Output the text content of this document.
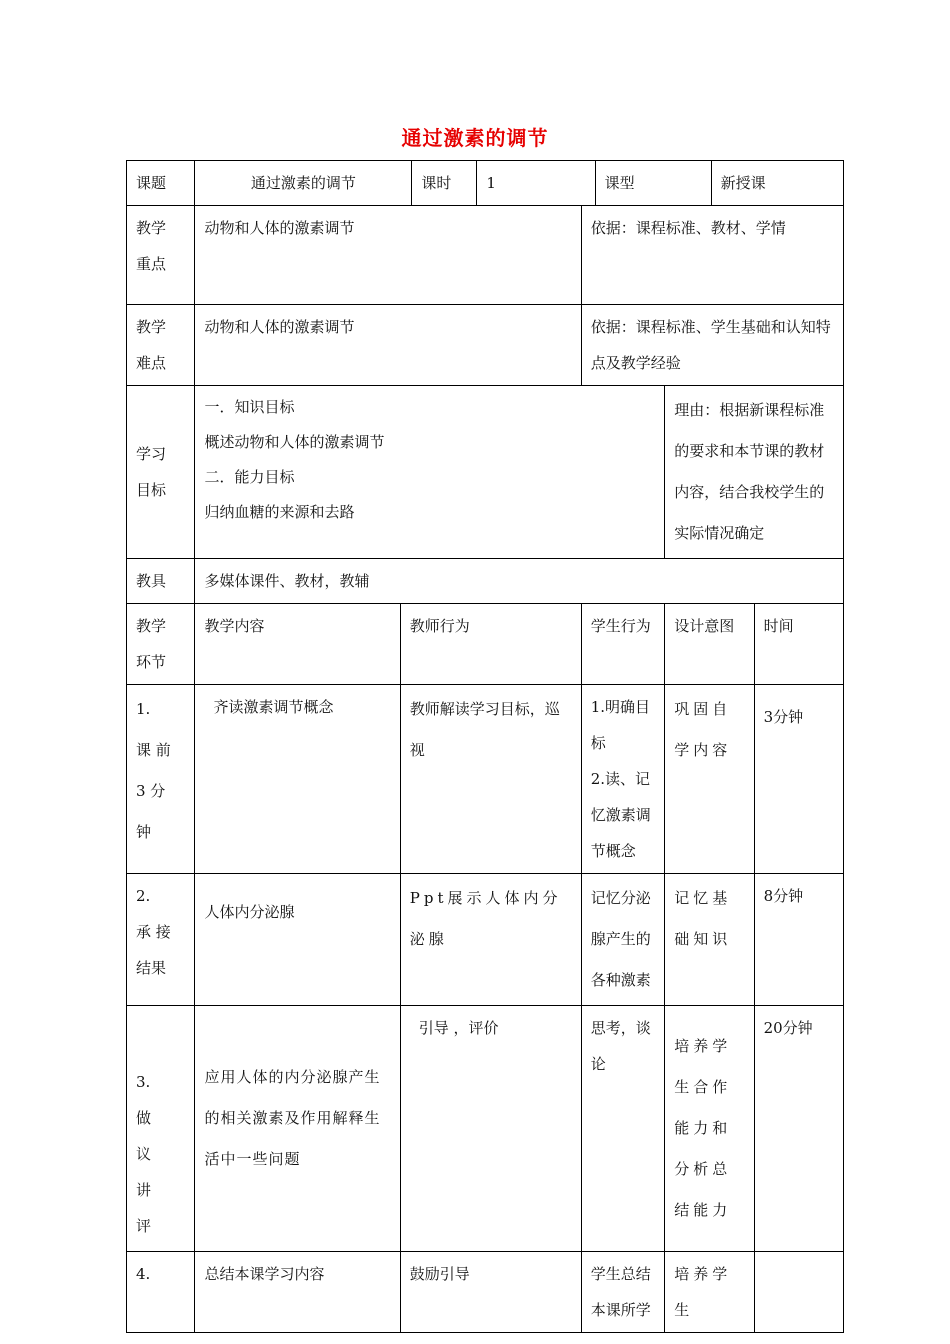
通过激素的调节
课题	通过激素的调节		课时	1		课型		新授课	

教学
重点	动物和人体的激素调节				依据：课程标准、教材、学情				

教学
难点	动物和人体的激素调节				依据：课程标准、学生基础和认知特点及教学经验				

学习
目标	一．知识目标
概述动物和人体的激素调节
二．能力目标
归纳血糖的来源和去路						理由：根据新课程标准的要求和本节课的教材内容，结合我校学生的实际情况确定		
教具	多媒体课件、教材，教辅								

教学
环节	教学内容	教师行为			学生行为		设计意图		时间

1.
课 前
3 分
钟	齐读激素调节概念	教师解读学习目标，巡视			1.明确目标
2.读、记忆激素调节概念		巩固自学内容		3分钟

2.
承 接
结果	人体内分泌腺	Ppt展示人体内分泌腺			记忆分泌腺产生的各种激素		记忆基础知识		8分钟

3.
做
议
讲
评	应用人体的内分泌腺产生的相关激素及作用解释生活中一些问题	引导 ，评价			思考，谈论		培养学生合作能力和分析总结能力		20分钟
4.	总结本课学习内容	鼓励引导			学生总结本课所学		培养学生		
